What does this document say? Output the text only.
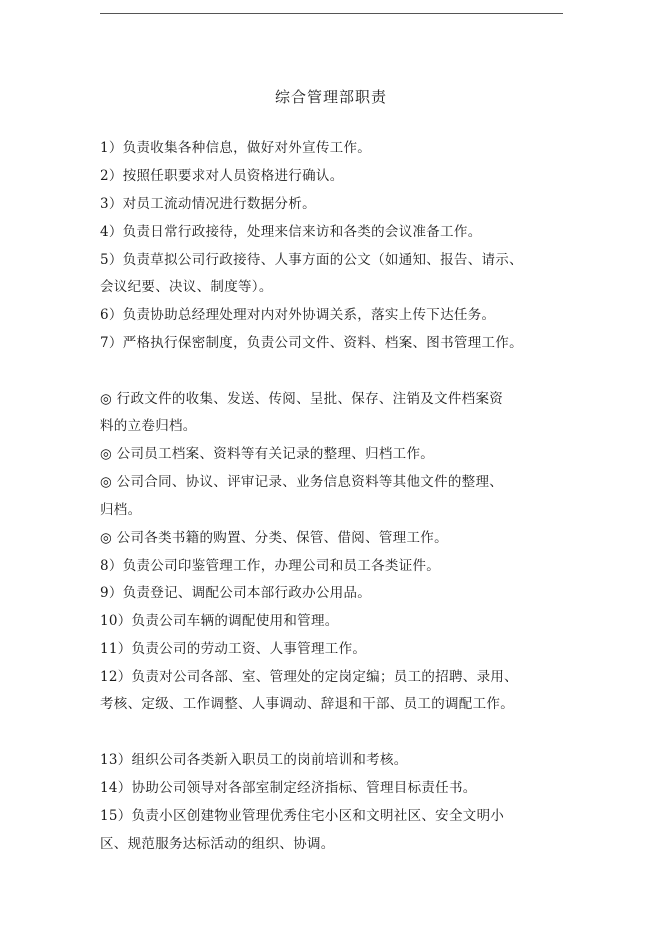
综合管理部职责
1）负责收集各种信息，做好对外宣传工作。
2）按照任职要求对人员资格进行确认。
3）对员工流动情况进行数据分析。
4）负责日常行政接待，处理来信来访和各类的会议准备工作。
5）负责草拟公司行政接待、人事方面的公文（如通知、报告、请示、
会议纪要、决议、制度等）。
6）负责协助总经理处理对内对外协调关系，落实上传下达任务。
7）严格执行保密制度，负责公司文件、资料、档案、图书管理工作。
◎ 行政文件的收集、发送、传阅、呈批、保存、注销及文件档案资
料的立卷归档。
◎ 公司员工档案、资料等有关记录的整理、归档工作。
◎ 公司合同、协议、评审记录、业务信息资料等其他文件的整理、
归档。
◎ 公司各类书籍的购置、分类、保管、借阅、管理工作。
8）负责公司印鉴管理工作，办理公司和员工各类证件。
9）负责登记、调配公司本部行政办公用品。
10）负责公司车辆的调配使用和管理。
11）负责公司的劳动工资、人事管理工作。
12）负责对公司各部、室、管理处的定岗定编；员工的招聘、录用、
考核、定级、工作调整、人事调动、辞退和干部、员工的调配工作。
13）组织公司各类新入职员工的岗前培训和考核。
14）协助公司领导对各部室制定经济指标、管理目标责任书。
15）负责小区创建物业管理优秀住宅小区和文明社区、安全文明小
区、规范服务达标活动的组织、协调。
